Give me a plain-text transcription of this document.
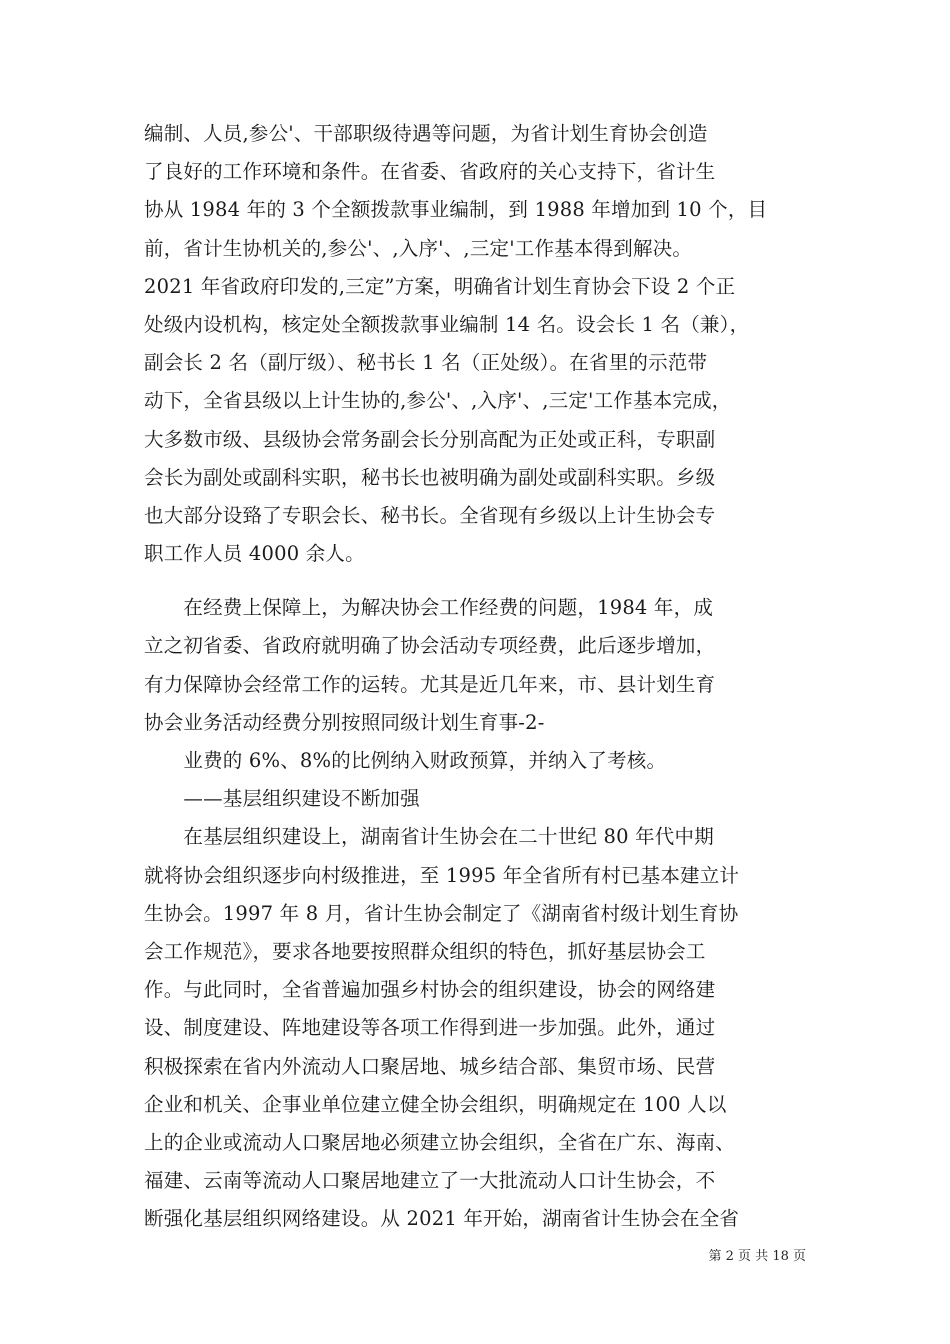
编制、人员,参公'、干部职级待遇等问题，为省计划生育协会创造
了良好的工作环境和条件。在省委、省政府的关心支持下，省计生
协从 1984 年的 3 个全额拨款事业编制，到 1988 年增加到 10 个，目
前，省计生协机关的,参公'、,入序'、,三定'工作基本得到解决。
2021 年省政府印发的,三定”方案，明确省计划生育协会下设 2 个正
处级内设机构，核定处全额拨款事业编制 14 名。设会长 1 名（兼），
副会长 2 名（副厅级）、秘书长 1 名（正处级）。在省里的示范带
动下，全省县级以上计生协的,参公'、,入序'、,三定'工作基本完成，
大多数市级、县级协会常务副会长分别高配为正处或正科，专职副
会长为副处或副科实职，秘书长也被明确为副处或副科实职。乡级
也大部分设臵了专职会长、秘书长。全省现有乡级以上计生协会专
职工作人员 4000 余人。
　　在经费上保障上，为解决协会工作经费的问题，1984 年，成
立之初省委、省政府就明确了协会活动专项经费，此后逐步增加，
有力保障协会经常工作的运转。尤其是近几年来，市、县计划生育
协会业务活动经费分别按照同级计划生育事-2-
　　业费的 6%、8%的比例纳入财政预算，并纳入了考核。
　　——基层组织建设不断加强
　　在基层组织建设上，湖南省计生协会在二十世纪 80 年代中期
就将协会组织逐步向村级推进，至 1995 年全省所有村已基本建立计
生协会。1997 年 8 月，省计生协会制定了《湖南省村级计划生育协
会工作规范》，要求各地要按照群众组织的特色，抓好基层协会工
作。与此同时，全省普遍加强乡村协会的组织建设，协会的网络建
设、制度建设、阵地建设等各项工作得到进一步加强。此外，通过
积极探索在省内外流动人口聚居地、城乡结合部、集贸市场、民营
企业和机关、企事业单位建立健全协会组织，明确规定在 100 人以
上的企业或流动人口聚居地必须建立协会组织，全省在广东、海南、
福建、云南等流动人口聚居地建立了一大批流动人口计生协会，不
断强化基层组织网络建设。从 2021 年开始，湖南省计生协会在全省
第 2 页 共 18 页
